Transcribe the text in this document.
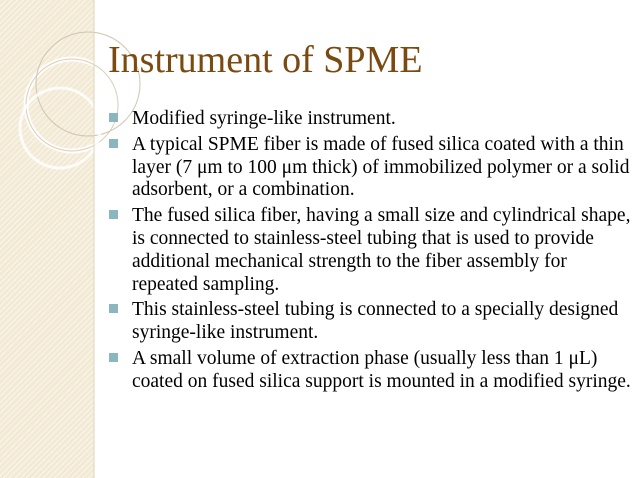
Instrument of SPME
Modified syringe-like instrument.
A typical SPME fiber is made of fused silica coated with a thin layer (7 μm to 100 μm thick) of immobilized polymer or a solid adsorbent, or a combination.
The fused silica fiber, having a small size and cylindrical shape, is connected to stainless-steel tubing that is used to provide additional mechanical strength to the fiber assembly for repeated sampling.
This stainless-steel tubing is connected to a specially designed syringe-like instrument.
A small volume of extraction phase (usually less than 1 μL) coated on fused silica support is mounted in a modified syringe.
